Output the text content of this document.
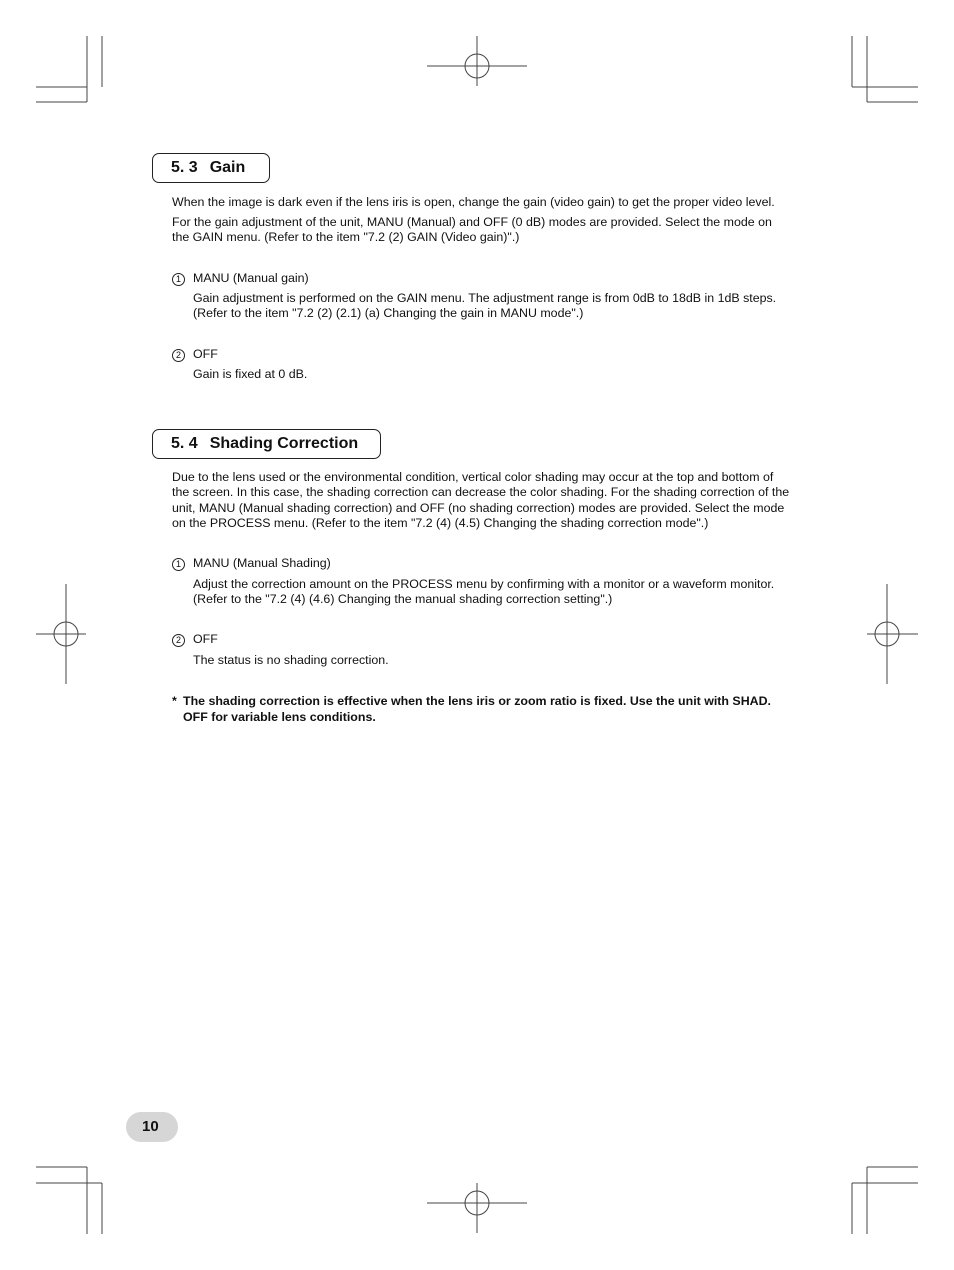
5. 3 Gain

When the image is dark even if the lens iris is open, change the gain (video gain) to get the proper video level.

For the gain adjustment of the unit, MANU (Manual) and OFF (0 dB) modes are provided. Select the mode on the GAIN menu. (Refer to the item "7.2 (2) GAIN (Video gain)".)

1 MANU (Manual gain)

Gain adjustment is performed on the GAIN menu. The adjustment range is from 0dB to 18dB in 1dB steps. (Refer to the item "7.2 (2) (2.1) (a) Changing the gain in MANU mode".)

2 OFF

Gain is fixed at 0 dB.

5. 4 Shading Correction

Due to the lens used or the environmental condition, vertical color shading may occur at the top and bottom of the screen. In this case, the shading correction can decrease the color shading. For the shading correction of the unit, MANU (Manual shading correction) and OFF (no shading correction) modes are provided. Select the mode on the PROCESS menu. (Refer to the item "7.2 (4) (4.5) Changing the shading correction mode".)

1 MANU (Manual Shading)

Adjust the correction amount on the PROCESS menu by confirming with a monitor or a waveform monitor. (Refer to the "7.2 (4) (4.6) Changing the manual shading correction setting".)

2 OFF

The status is no shading correction.

* The shading correction is effective when the lens iris or zoom ratio is fixed. Use the unit with SHAD. OFF for variable lens conditions.
10
